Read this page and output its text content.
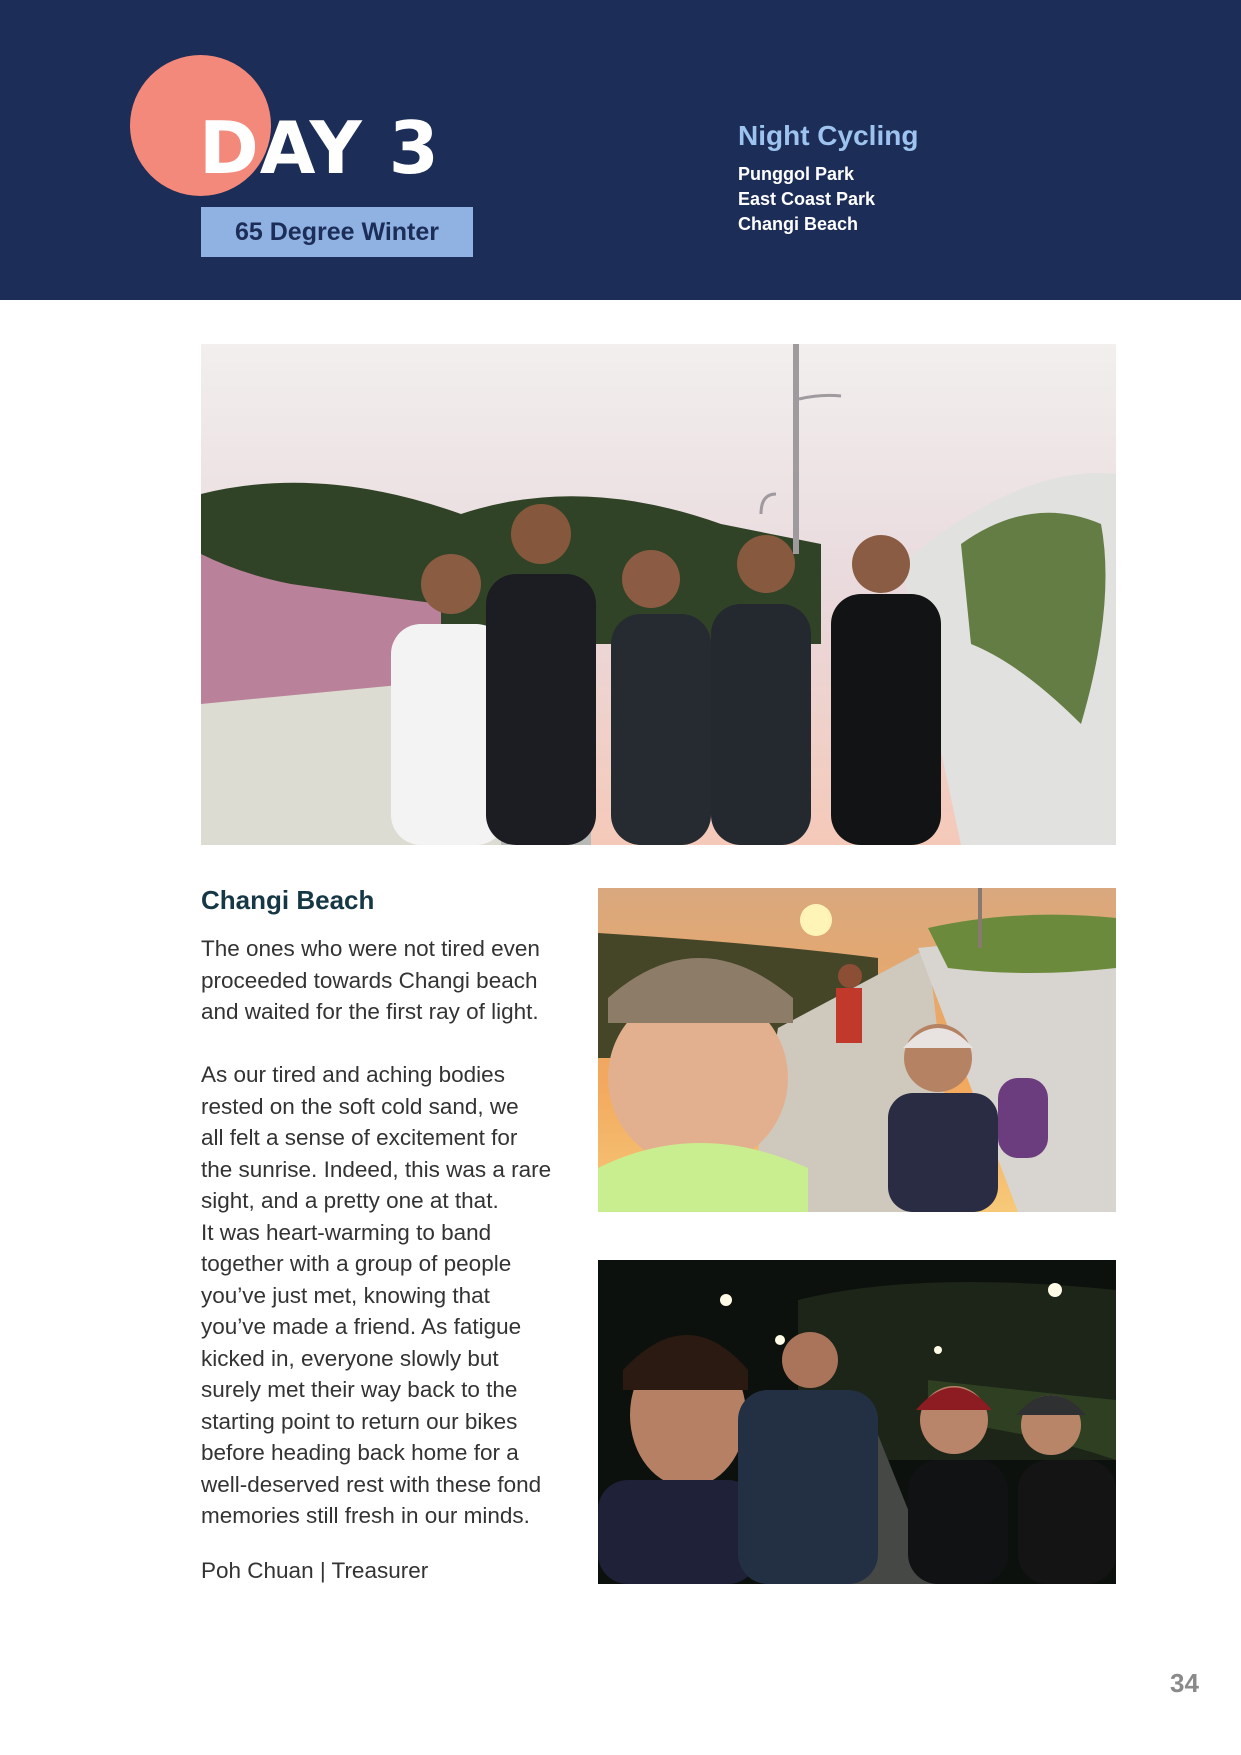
DAY 3
65 Degree Winter
Night Cycling
Punggol Park
East Coast Park
Changi Beach
Changi Beach

The ones who were not tired even
proceeded towards Changi beach
and waited for the first ray of light.

As our tired and aching bodies
rested on the soft cold sand, we
all felt a sense of excitement for
the sunrise. Indeed, this was a rare
sight, and a pretty one at that.
It was heart-warming to band
together with a group of people
you’ve just met, knowing that
you’ve made a friend. As fatigue
kicked in, everyone slowly but
surely met their way back to the
starting point to return our bikes
before heading back home for a
well-deserved rest with these fond
memories still fresh in our minds.

Poh Chuan | Treasurer

34
